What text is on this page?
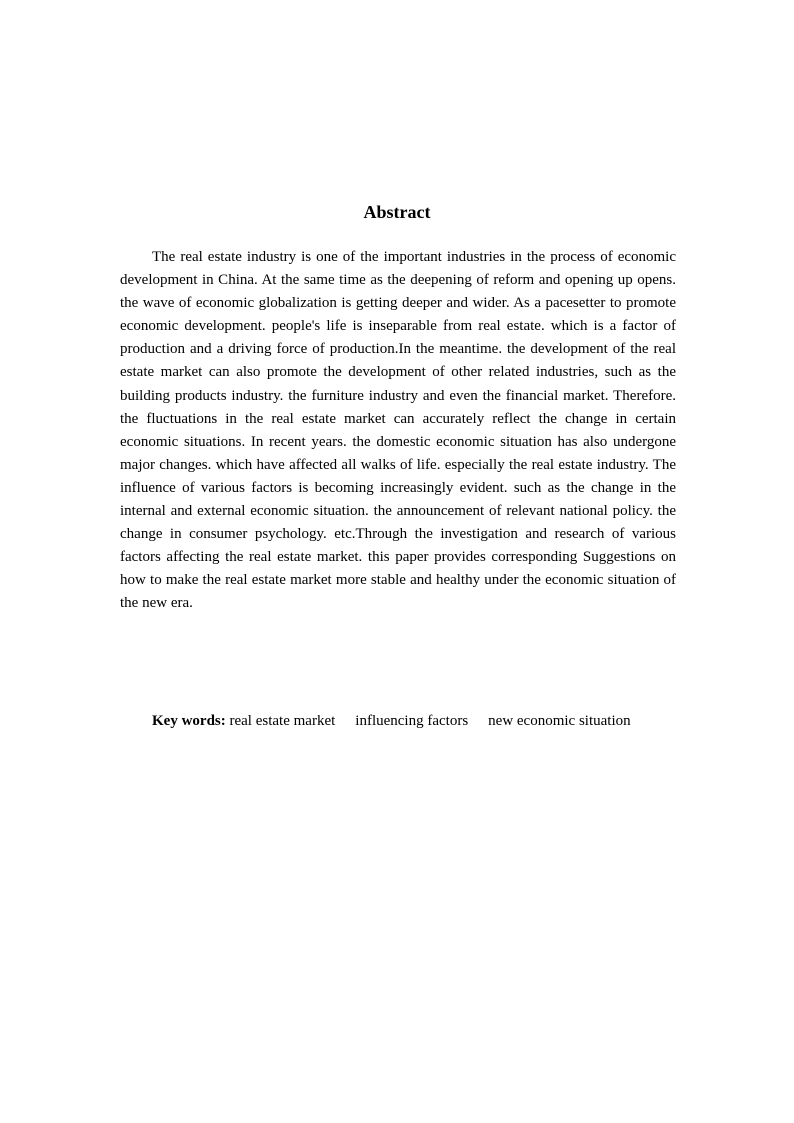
Abstract

The real estate industry is one of the important industries in the process of economic development in China. At the same time as the deepening of reform and opening up opens. the wave of economic globalization is getting deeper and wider. As a pacesetter to promote economic development. people's life is inseparable from real estate. which is a factor of production and a driving force of production.In the meantime. the development of the real estate market can also promote the development of other related industries, such as the building products industry. the furniture industry and even the financial market. Therefore. the fluctuations in the real estate market can accurately reflect the change in certain economic situations. In recent years. the domestic economic situation has also undergone major changes. which have affected all walks of life. especially the real estate industry. The influence of various factors is becoming increasingly evident. such as the change in the internal and external economic situation. the announcement of relevant national policy. the change in consumer psychology. etc.Through the investigation and research of various factors affecting the real estate market. this paper provides corresponding Suggestions on how to make the real estate market more stable and healthy under the economic situation of the new era.

Key words: real estate market influencing factors new economic situation
